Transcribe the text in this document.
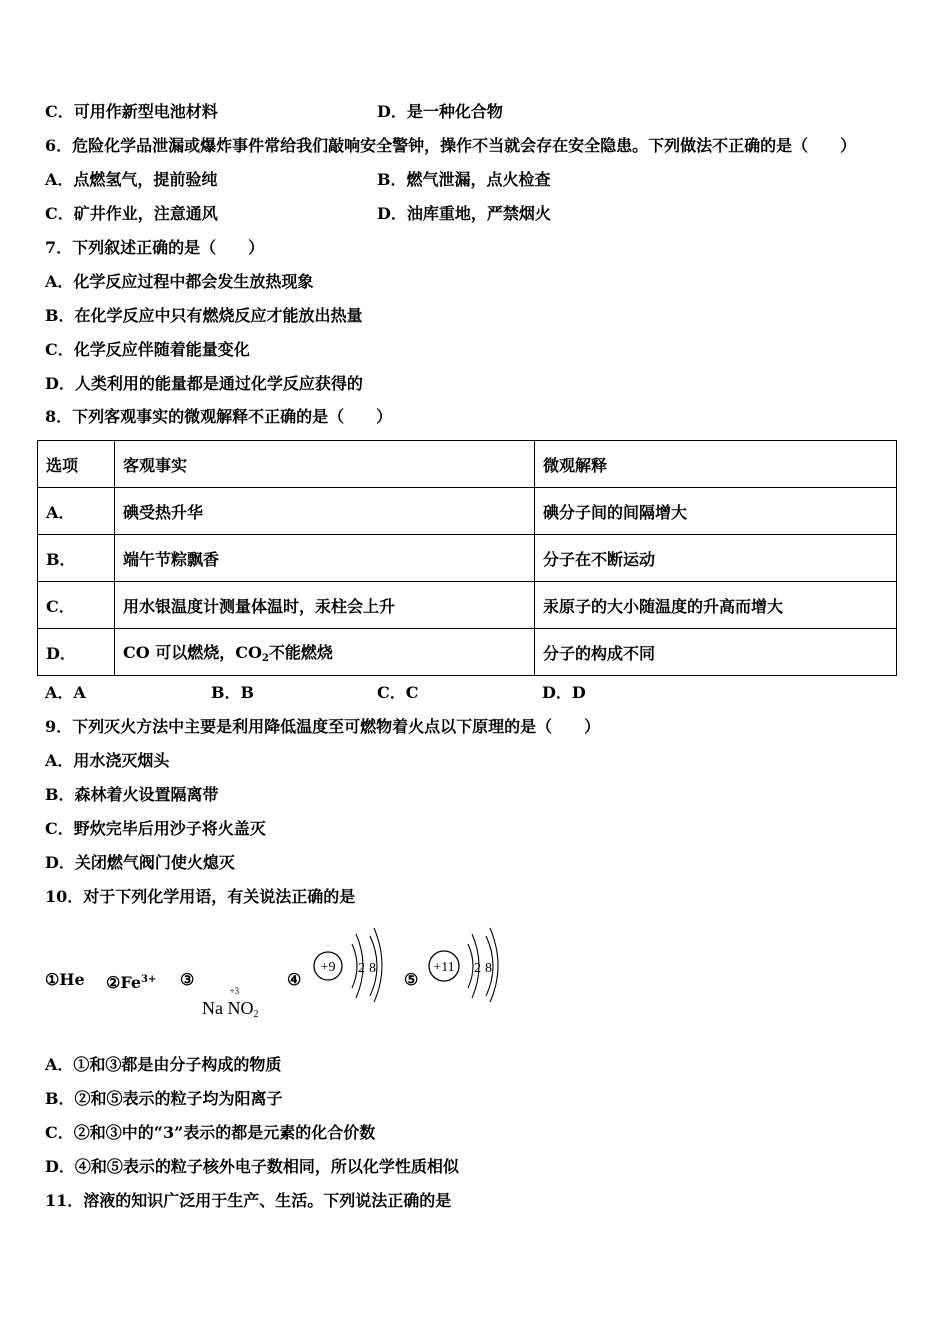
C．可用作新型电池材料	D．是一种化合物
6．危险化学品泄漏或爆炸事件常给我们敲响安全警钟，操作不当就会存在安全隐患。下列做法不正确的是（　　）
A．点燃氢气，提前验纯	B．燃气泄漏，点火检查
C．矿井作业，注意通风	D．油库重地，严禁烟火
7．下列叙述正确的是（　　）
A．化学反应过程中都会发生放热现象
B．在化学反应中只有燃烧反应才能放出热量
C．化学反应伴随着能量变化
D．人类利用的能量都是通过化学反应获得的
8．下列客观事实的微观解释不正确的是（　　）
选项	客观事实	微观解释
A．	碘受热升华	碘分子间的间隔增大
B．	端午节粽飘香	分子在不断运动
C．	用水银温度计测量体温时，汞柱会上升	汞原子的大小随温度的升高而增大
D．	CO 可以燃烧，$CO_2$不能燃烧	分子的构成不同
A．A	B．B	C．C	D．D
9．下列灭火方法中主要是利用降低温度至可燃物着火点以下原理的是（　　）
A．用水浇灭烟头
B．森林着火设置隔离带
C．野炊完毕后用沙子将火盖灭
D．关闭燃气阀门使火熄灭
10．对于下列化学用语，有关说法正确的是
①He $②Fe^{3+}$ ③
Na
+3
$NO_2$
④
+9 2 8
⑤
+11 2 8
A．①和③都是由分子构成的物质
B．②和⑤表示的粒子均为阳离子
C．②和③中的“3”表示的都是元素的化合价数
D．④和⑤表示的粒子核外电子数相同，所以化学性质相似
11．溶液的知识广泛用于生产、生活。下列说法正确的是
